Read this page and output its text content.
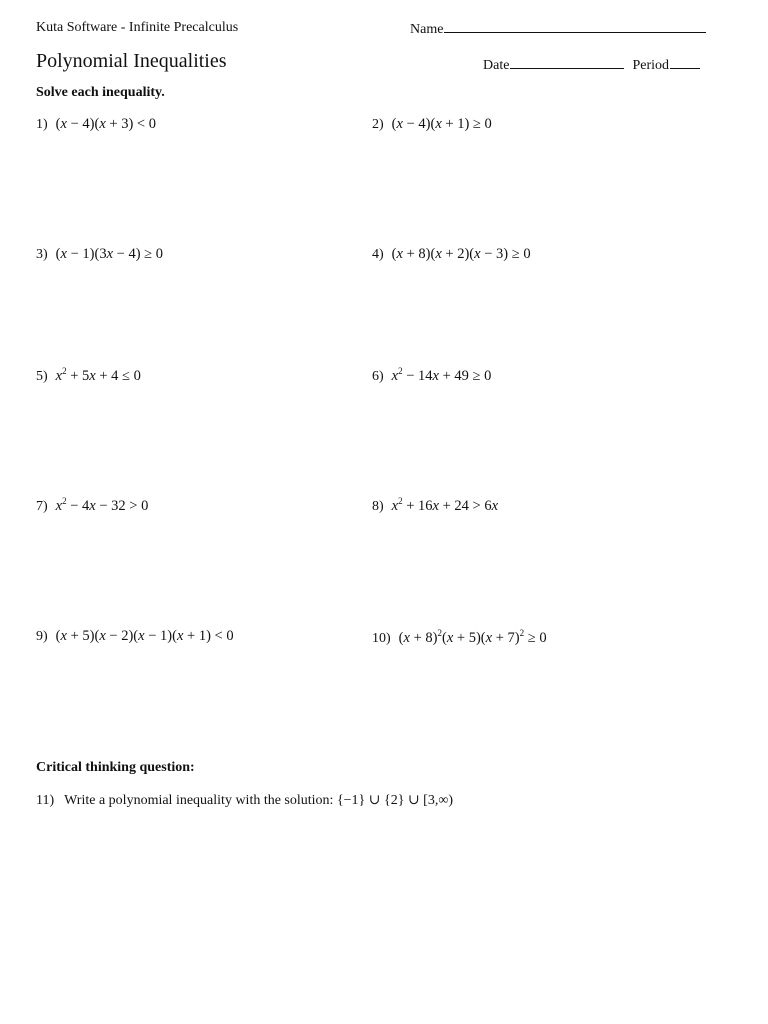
Kuta Software - Infinite Precalculus	Name
Polynomial Inequalities	Date	Period
Solve each inequality.
1) (x − 4)(x + 3) < 0
3) (x − 1)(3x − 4) ≥ 0
5) $x^2 + 5x + 4 \le 0$
7) $x^2 - 4x - 32 > 0$
9) (x + 5)(x − 2)(x − 1)(x + 1) < 0
2) (x − 4)(x + 1) ≥ 0
4) (x + 8)(x + 2)(x − 3) ≥ 0
6) $x^2 - 14x + 49 \ge 0$
8) $x^2 + 16x + 24 > 6x$
10) $(x + 8)^2(x + 5)(x + 7)^2 \ge 0$
Critical thinking question:
11) Write a polynomial inequality with the solution: {−1} ∪ {2} ∪ [3,∞)
